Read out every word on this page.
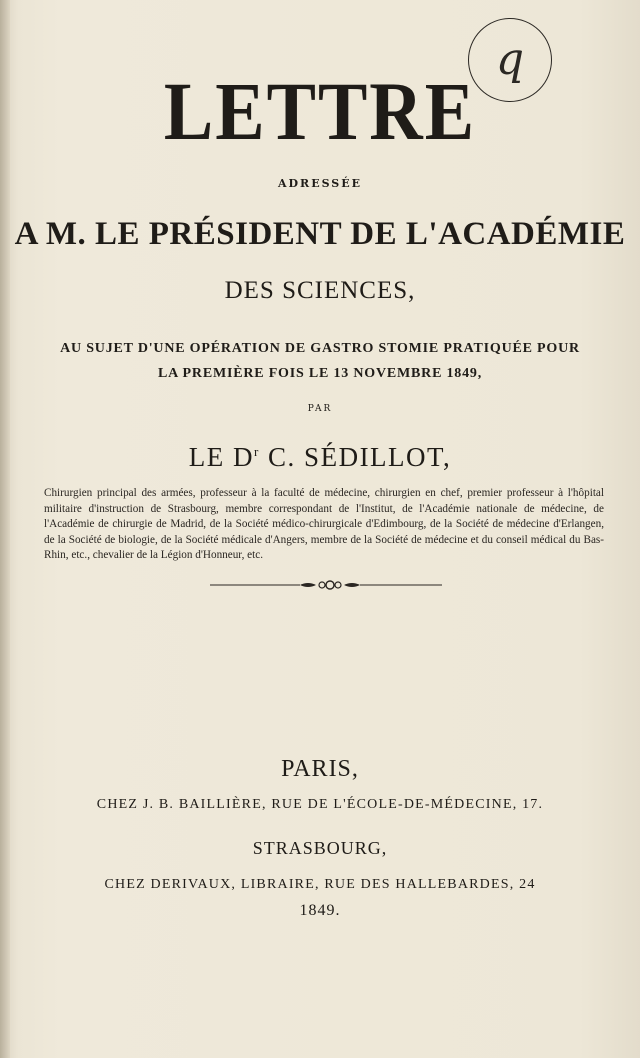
q
LETTRE
ADRESSÉE
A M. LE PRÉSIDENT DE L'ACADÉMIE
DES SCIENCES,
AU SUJET D'UNE OPÉRATION DE GASTRO STOMIE PRATIQUÉE POUR
LA PREMIÈRE FOIS LE 13 NOVEMBRE 1849,
PAR
LE $D^r$ C. SÉDILLOT,
Chirurgien principal des armées, professeur à la faculté de médecine, chirurgien en chef, premier professeur à l'hôpital militaire d'instruction de Strasbourg, membre correspondant de l'Institut, de l'Académie nationale de médecine, de l'Académie de chirurgie de Madrid, de la Société médico-chirurgicale d'Edimbourg, de la Société de médecine d'Erlangen, de la Société de biologie, de la Société médicale d'Angers, membre de la Société de médecine et du conseil médical du Bas-Rhin, etc., chevalier de la Légion d'Honneur, etc.
PARIS,
CHEZ J. B. BAILLIÈRE, RUE DE L'ÉCOLE-DE-MÉDECINE, 17.
STRASBOURG,
CHEZ DERIVAUX, LIBRAIRE, RUE DES HALLEBARDES, 24
1849.
